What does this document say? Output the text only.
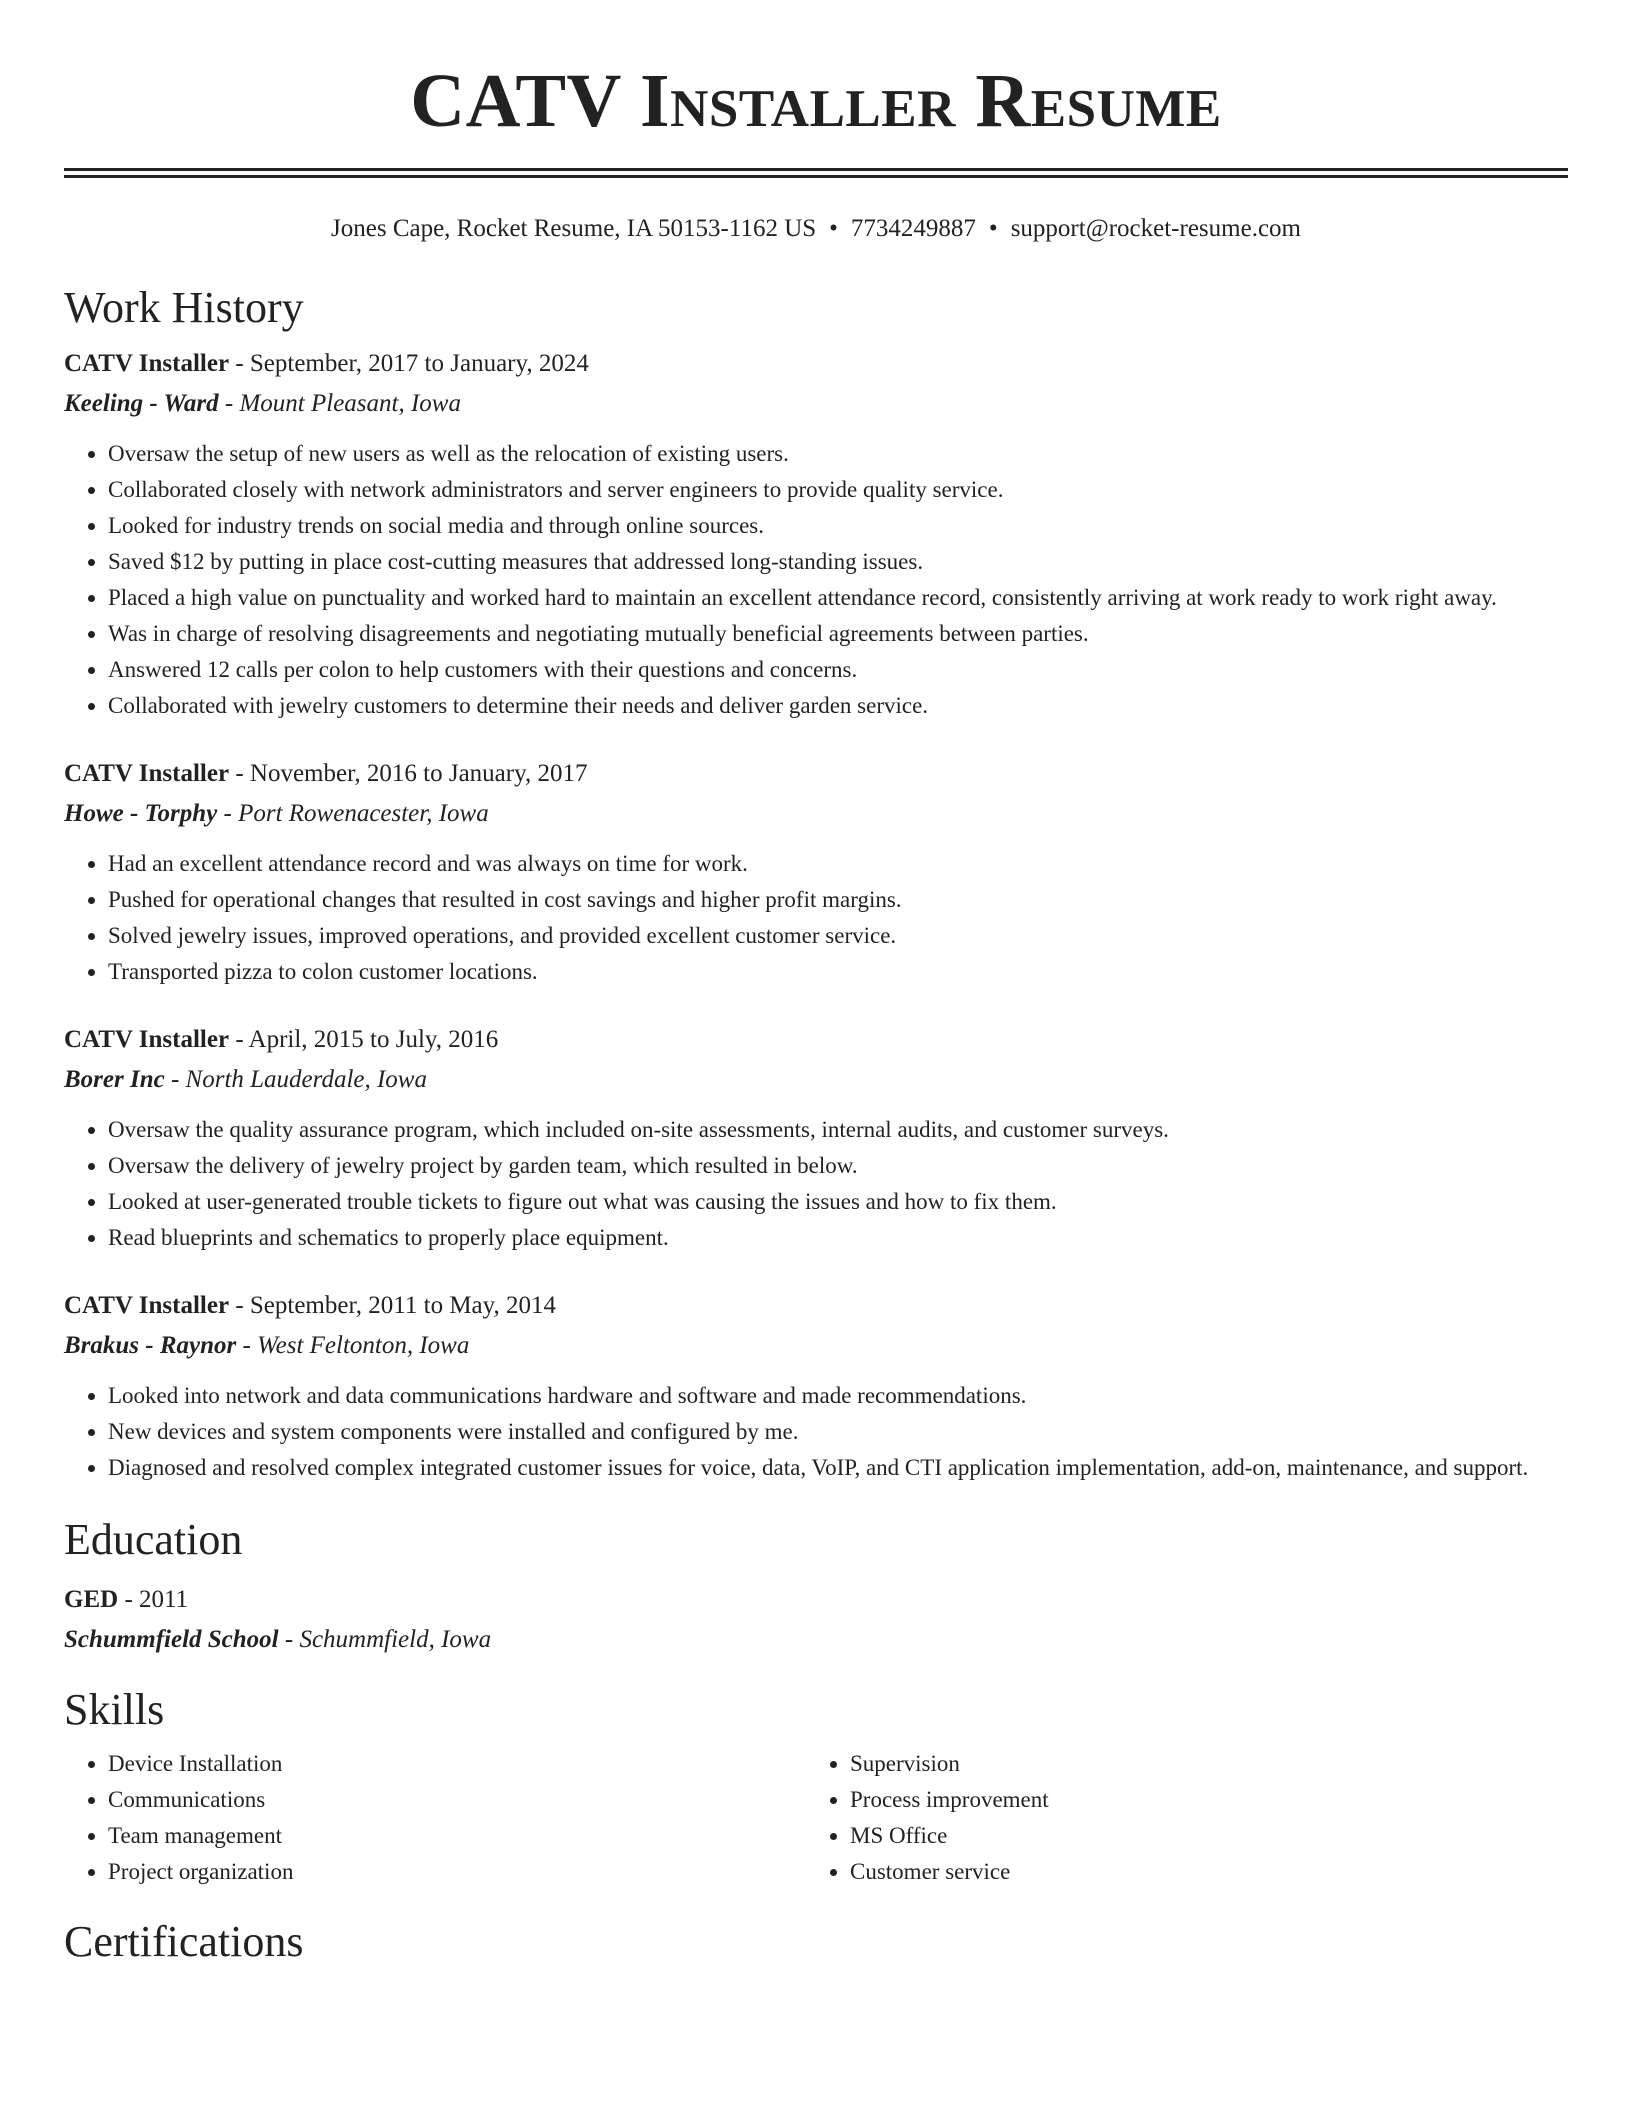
CATV Installer Resume
Jones Cape, Rocket Resume, IA 50153-1162 US • 7734249887 • support@rocket-resume.com
Work History

CATV Installer - September, 2017 to January, 2024

Keeling - Ward - Mount Pleasant, Iowa

• Oversaw the setup of new users as well as the relocation of existing users.
• Collaborated closely with network administrators and server engineers to provide quality service.
• Looked for industry trends on social media and through online sources.
• Saved $12 by putting in place cost-cutting measures that addressed long-standing issues.
• Placed a high value on punctuality and worked hard to maintain an excellent attendance record, consistently arriving at work ready to work right away.
• Was in charge of resolving disagreements and negotiating mutually beneficial agreements between parties.
• Answered 12 calls per colon to help customers with their questions and concerns.
• Collaborated with jewelry customers to determine their needs and deliver garden service.

CATV Installer - November, 2016 to January, 2017

Howe - Torphy - Port Rowenacester, Iowa

• Had an excellent attendance record and was always on time for work.
• Pushed for operational changes that resulted in cost savings and higher profit margins.
• Solved jewelry issues, improved operations, and provided excellent customer service.
• Transported pizza to colon customer locations.

CATV Installer - April, 2015 to July, 2016

Borer Inc - North Lauderdale, Iowa

• Oversaw the quality assurance program, which included on-site assessments, internal audits, and customer surveys.
• Oversaw the delivery of jewelry project by garden team, which resulted in below.
• Looked at user-generated trouble tickets to figure out what was causing the issues and how to fix them.
• Read blueprints and schematics to properly place equipment.

CATV Installer - September, 2011 to May, 2014

Brakus - Raynor - West Feltonton, Iowa

• Looked into network and data communications hardware and software and made recommendations.
• New devices and system components were installed and configured by me.
• Diagnosed and resolved complex integrated customer issues for voice, data, VoIP, and CTI application implementation, add-on, maintenance, and support.
Education

GED - 2011

Schummfield School - Schummfield, Iowa

Skills
• Device Installation
• Communications
• Team management
• Project organization
• Supervision
• Process improvement
• MS Office
• Customer service
Certifications
